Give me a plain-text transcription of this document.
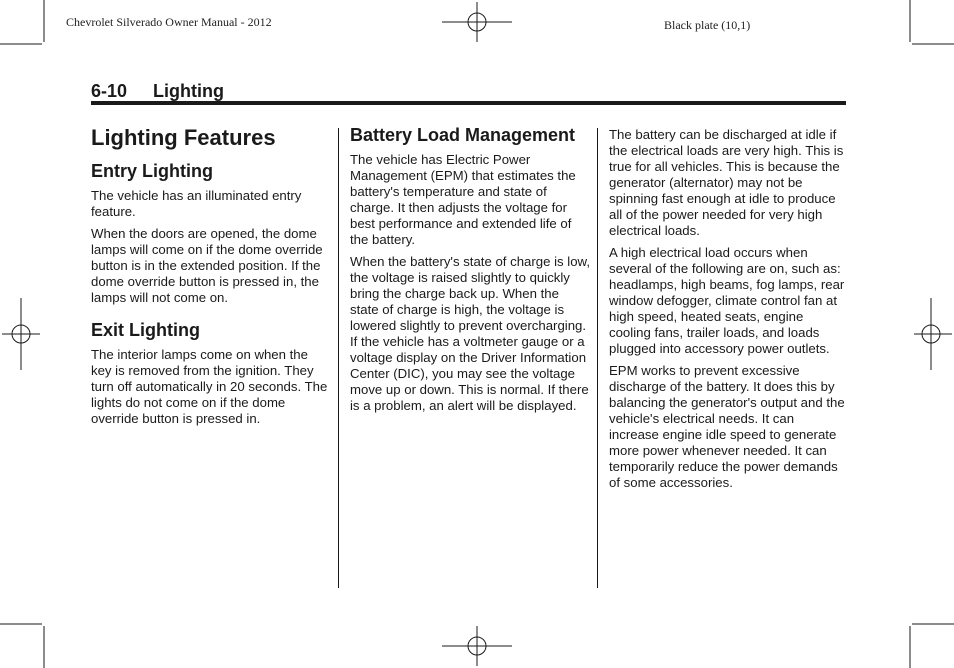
Chevrolet Silverado Owner Manual - 2012	Black plate (10,1)
6-10 Lighting
Lighting Features
Entry Lighting

The vehicle has an illuminated entry feature.

When the doors are opened, the dome lamps will come on if the dome override button is in the extended position. If the dome override button is pressed in, the lamps will not come on.

Exit Lighting

The interior lamps come on when the key is removed from the ignition. They turn off automatically in 20 seconds. The lights do not come on if the dome override button is pressed in.

Battery Load Management

The vehicle has Electric Power Management (EPM) that estimates the battery's temperature and state of charge. It then adjusts the voltage for best performance and extended life of the battery.

When the battery's state of charge is low, the voltage is raised slightly to quickly bring the charge back up. When the state of charge is high, the voltage is lowered slightly to prevent overcharging. If the vehicle has a voltmeter gauge or a voltage display on the Driver Information Center (DIC), you may see the voltage move up or down. This is normal. If there is a problem, an alert will be displayed.

The battery can be discharged at idle if the electrical loads are very high. This is true for all vehicles. This is because the generator (alternator) may not be spinning fast enough at idle to produce all of the power needed for very high electrical loads.

A high electrical load occurs when several of the following are on, such as: headlamps, high beams, fog lamps, rear window defogger, climate control fan at high speed, heated seats, engine cooling fans, trailer loads, and loads plugged into accessory power outlets.

EPM works to prevent excessive discharge of the battery. It does this by balancing the generator's output and the vehicle's electrical needs. It can increase engine idle speed to generate more power whenever needed. It can temporarily reduce the power demands of some accessories.
